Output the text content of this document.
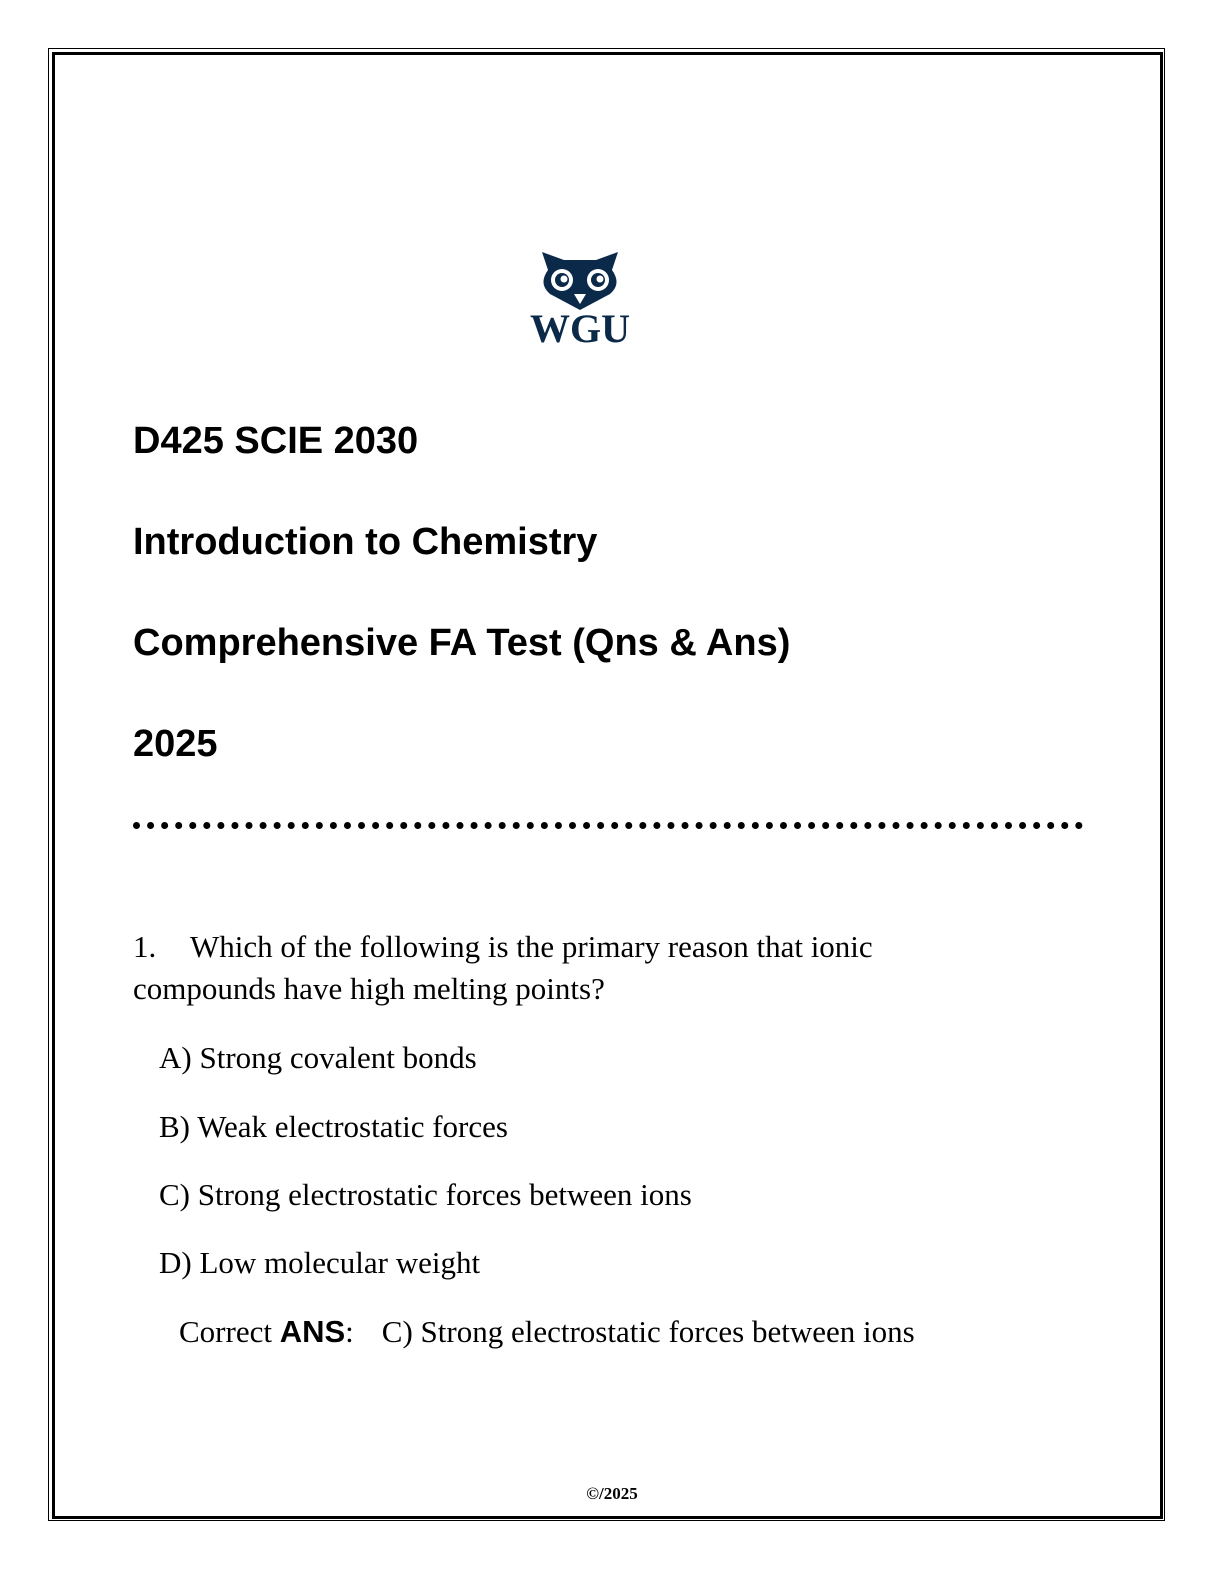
WGU
D425 SCIE 2030
Introduction to Chemistry
Comprehensive FA Test (Qns & Ans)
2025
1. Which of the following is the primary reason that ionic
compounds have high melting points?
A) Strong covalent bonds
B) Weak electrostatic forces
C) Strong electrostatic forces between ions
D) Low molecular weight
Correct ANS: C) Strong electrostatic forces between ions
©/2025
